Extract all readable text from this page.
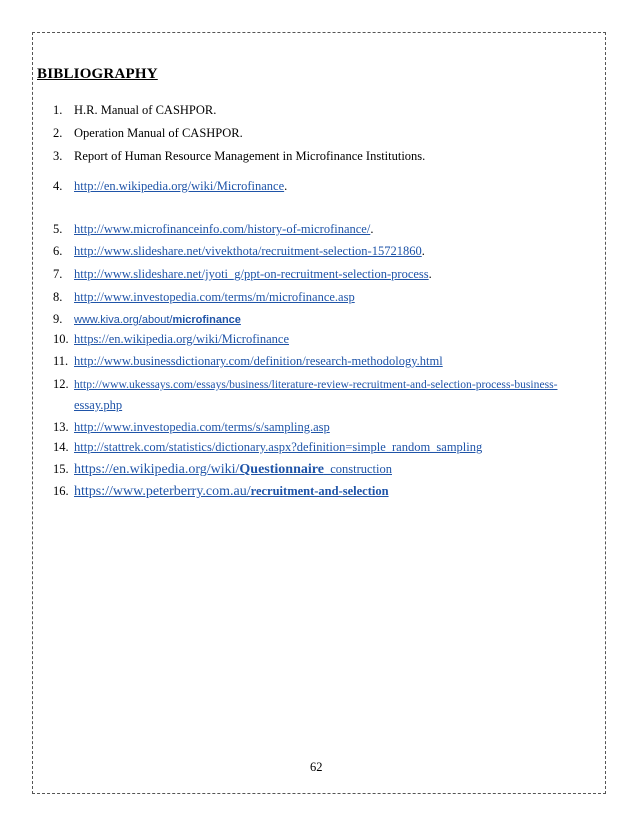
BIBLIOGRAPHY
1. H.R. Manual of CASHPOR.
2. Operation Manual of CASHPOR.
3. Report of Human Resource Management in Microfinance Institutions.
4. http://en.wikipedia.org/wiki/Microfinance.
5. http://www.microfinanceinfo.com/history-of-microfinance/.
6. http://www.slideshare.net/vivekthota/recruitment-selection-15721860.
7. http://www.slideshare.net/jyoti_g/ppt-on-recruitment-selection-process.
8. http://www.investopedia.com/terms/m/microfinance.asp
9. www.kiva.org/about/microfinance
10. https://en.wikipedia.org/wiki/Microfinance
11. http://www.businessdictionary.com/definition/research-methodology.html
12. http://www.ukessays.com/essays/business/literature-review-recruitment-and-selection-process-business-
essay.php
13. http://www.investopedia.com/terms/s/sampling.asp
14. http://stattrek.com/statistics/dictionary.aspx?definition=simple_random_sampling
15. https://en.wikipedia.org/wiki/Questionnaire_construction
16. https://www.peterberry.com.au/recruitment-and-selection
62
